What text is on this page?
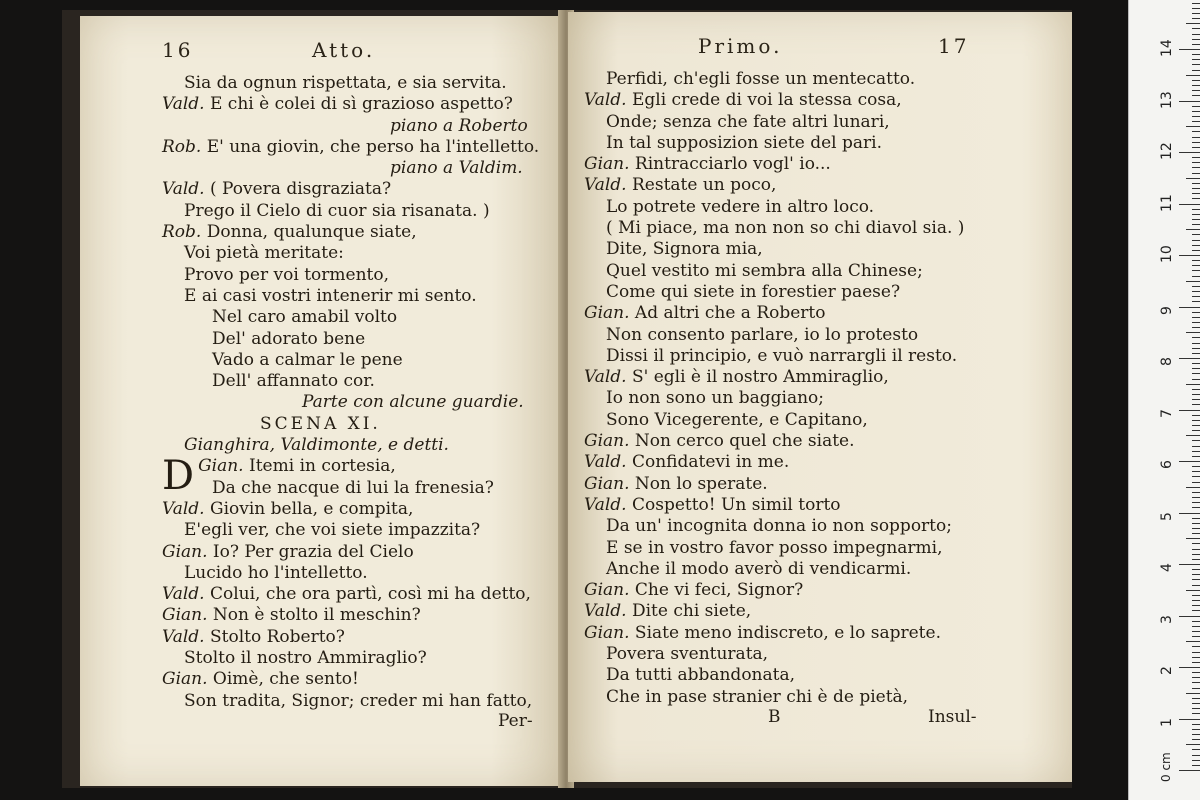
16	Atto.
Sia da ognun rispettata, e sia servita.
Vald. E chi è colei di sì grazioso aspetto?
piano a Roberto
Rob. E' una giovin, che perso ha l'intelletto.
piano a Valdim.
Vald. ( Povera disgraziata?
Prego il Cielo di cuor sia risanata. )
Rob. Donna, qualunque siate,
Voi pietà meritate:
Provo per voi tormento,
E ai casi vostri intenerir mi sento.
Nel caro amabil volto
Del' adorato bene
Vado a calmar le pene
Dell' affannato cor.
Parte con alcune guardie.
SCENA XI.
Gianghira, Valdimonte, e detti.
Gian.
D	Itemi in cortesia,
Da che nacque di lui la frenesia?
Vald. Giovin bella, e compita,
E'egli ver, che voi siete impazzita?
Gian. Io? Per grazia del Cielo
Lucido ho l'intelletto.
Vald. Colui, che ora partì, così mi ha detto,
Gian. Non è stolto il meschin?
Vald. Stolto Roberto?
Stolto il nostro Ammiraglio?
Gian. Oimè, che sento!
Son tradita, Signor; creder mi han fatto,
Per-
Primo.	17
Perfidi, ch'egli fosse un mentecatto.
Vald. Egli crede di voi la stessa cosa,
Onde; senza che fate altri lunari,
In tal supposizion siete del pari.
Gian. Rintracciarlo vogl' io...
Vald. Restate un poco,
Lo potrete vedere in altro loco.
( Mi piace, ma non non so chi diavol sia. )
Dite, Signora mia,
Quel vestito mi sembra alla Chinese;
Come qui siete in forestier paese?
Gian. Ad altri che a Roberto
Non consento parlare, io lo protesto
Dissi il principio, e vuò narrargli il resto.
Vald. S' egli è il nostro Ammiraglio,
Io non sono un baggiano;
Sono Vicegerente, e Capitano,
Gian. Non cerco quel che siate.
Vald. Confidatevi in me.
Gian. Non lo sperate.
Vald. Cospetto! Un simil torto
Da un' incognita donna io non sopporto;
E se in vostro favor posso impegnarmi,
Anche il modo averò di vendicarmi.
Gian. Che vi feci, Signor?
Vald. Dite chi siete,
Gian. Siate meno indiscreto, e lo saprete.
Povera sventurata,
Da tutti abbandonata,
Che in pase stranier chi è de pietà,
B	Insul-
0 cm
1
2
3
4
5
6
7
8
9
10
11
12
13
14
